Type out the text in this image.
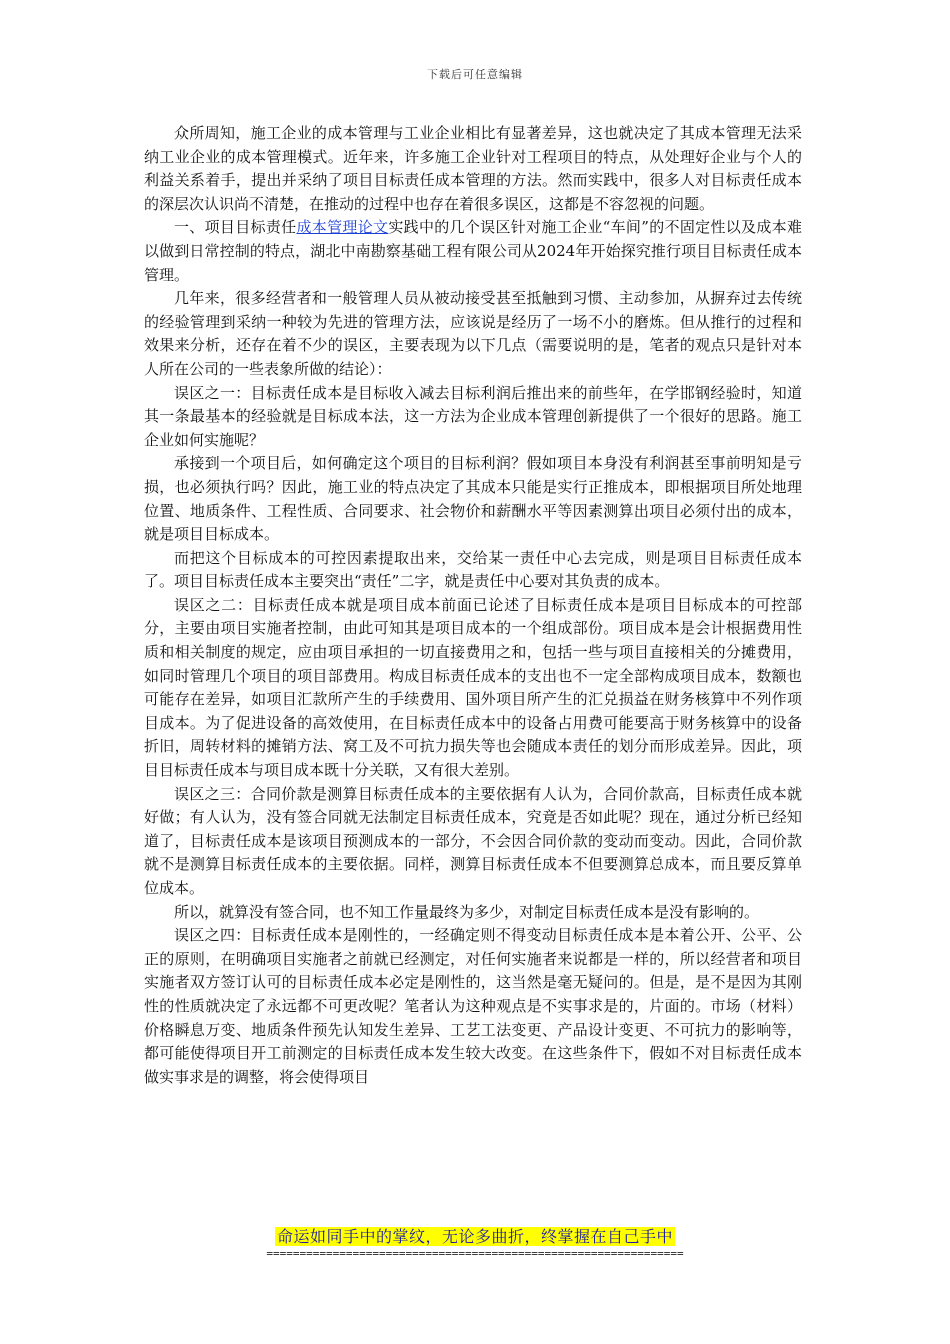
下载后可任意编辑

众所周知，施工企业的成本管理与工业企业相比有显著差异，这也就决定了其成本管理无法采纳工业企业的成本管理模式。近年来，许多施工企业针对工程项目的特点，从处理好企业与个人的利益关系着手，提出并采纳了项目目标责任成本管理的方法。然而实践中，很多人对目标责任成本的深层次认识尚不清楚，在推动的过程中也存在着很多误区，这都是不容忽视的问题。

一、项目目标责任成本管理论文实践中的几个误区针对施工企业“车间”的不固定性以及成本难以做到日常控制的特点，湖北中南勘察基础工程有限公司从2024年开始探究推行项目目标责任成本管理。

几年来，很多经营者和一般管理人员从被动接受甚至抵触到习惯、主动参加，从摒弃过去传统的经验管理到采纳一种较为先进的管理方法，应该说是经历了一场不小的磨炼。但从推行的过程和效果来分析，还存在着不少的误区，主要表现为以下几点（需要说明的是，笔者的观点只是针对本人所在公司的一些表象所做的结论）：

误区之一：目标责任成本是目标收入减去目标利润后推出来的前些年，在学邯钢经验时，知道其一条最基本的经验就是目标成本法，这一方法为企业成本管理创新提供了一个很好的思路。施工企业如何实施呢？

承接到一个项目后，如何确定这个项目的目标利润？假如项目本身没有利润甚至事前明知是亏损，也必须执行吗？因此，施工业的特点决定了其成本只能是实行正推成本，即根据项目所处地理位置、地质条件、工程性质、合同要求、社会物价和薪酬水平等因素测算出项目必须付出的成本，就是项目目标成本。

而把这个目标成本的可控因素提取出来，交给某一责任中心去完成，则是项目目标责任成本了。项目目标责任成本主要突出“责任”二字，就是责任中心要对其负责的成本。

误区之二：目标责任成本就是项目成本前面已论述了目标责任成本是项目目标成本的可控部分，主要由项目实施者控制，由此可知其是项目成本的一个组成部份。项目成本是会计根据费用性质和相关制度的规定，应由项目承担的一切直接费用之和，包括一些与项目直接相关的分摊费用，如同时管理几个项目的项目部费用。构成目标责任成本的支出也不一定全部构成项目成本，数额也可能存在差异，如项目汇款所产生的手续费用、国外项目所产生的汇兑损益在财务核算中不列作项目成本。为了促进设备的高效使用，在目标责任成本中的设备占用费可能要高于财务核算中的设备折旧，周转材料的摊销方法、窝工及不可抗力损失等也会随成本责任的划分而形成差异。因此，项目目标责任成本与项目成本既十分关联，又有很大差别。

误区之三：合同价款是测算目标责任成本的主要依据有人认为，合同价款高，目标责任成本就好做；有人认为，没有签合同就无法制定目标责任成本，究竟是否如此呢？现在，通过分析已经知道了，目标责任成本是该项目预测成本的一部分，不会因合同价款的变动而变动。因此，合同价款就不是测算目标责任成本的主要依据。同样，测算目标责任成本不但要测算总成本，而且要反算单位成本。

所以，就算没有签合同，也不知工作量最终为多少，对制定目标责任成本是没有影响的。

误区之四：目标责任成本是刚性的，一经确定则不得变动目标责任成本是本着公开、公平、公正的原则，在明确项目实施者之前就已经测定，对任何实施者来说都是一样的，所以经营者和项目实施者双方签订认可的目标责任成本必定是刚性的，这当然是毫无疑问的。但是，是不是因为其刚性的性质就决定了永远都不可更改呢？笔者认为这种观点是不实事求是的，片面的。市场（材料）价格瞬息万变、地质条件预先认知发生差异、工艺工法变更、产品设计变更、不可抗力的影响等，都可能使得项目开工前测定的目标责任成本发生较大改变。在这些条件下，假如不对目标责任成本做实事求是的调整，将会使得项目

命运如同手中的掌纹，无论多曲折，终掌握在自己手中
===============================================================
